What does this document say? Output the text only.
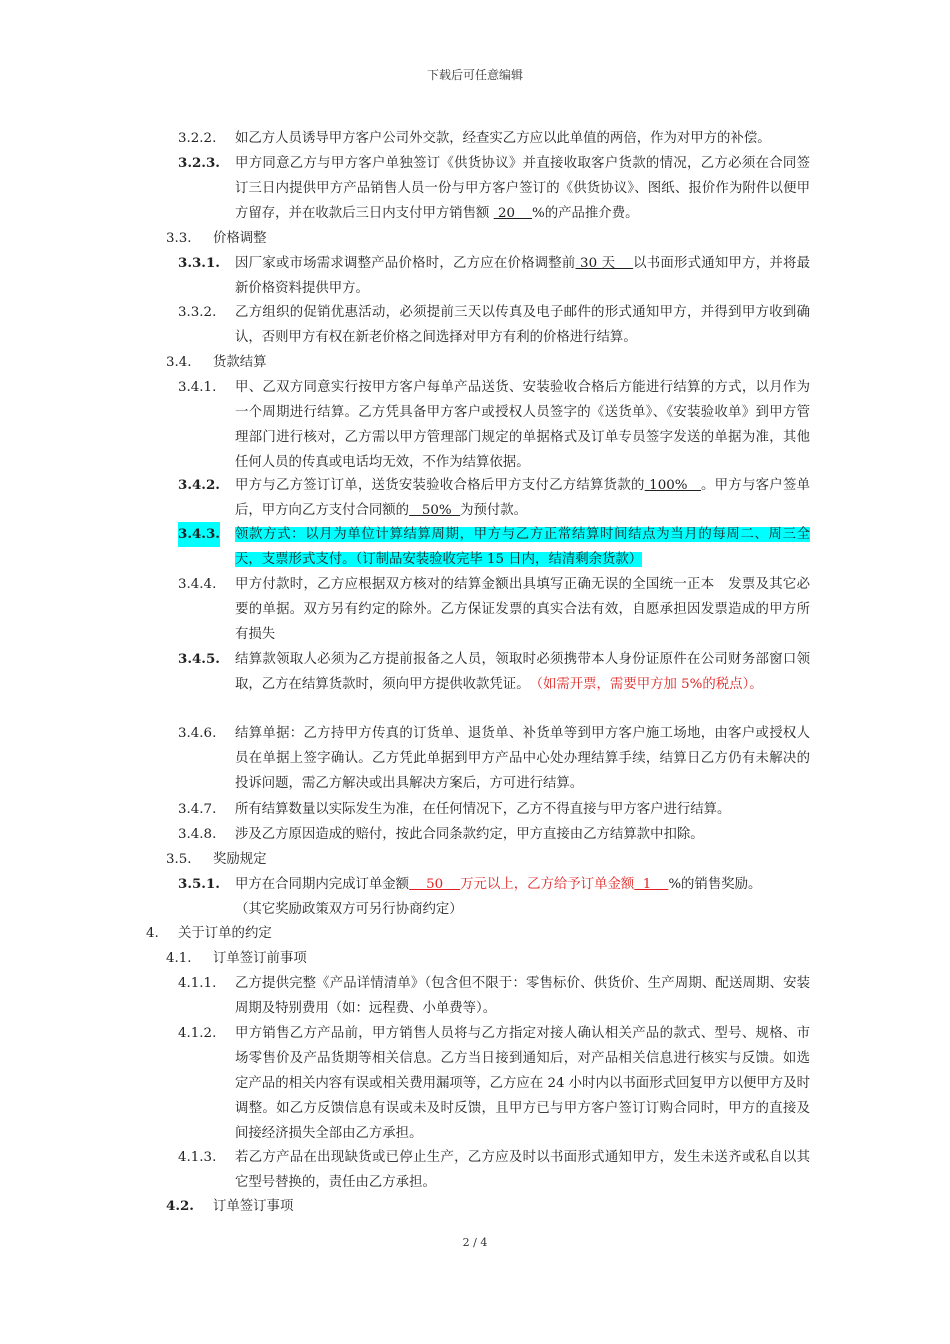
下载后可任意编辑
3.2.2. 如乙方人员诱导甲方客户公司外交款，经查实乙方应以此单值的两倍，作为对甲方的补偿。
3.2.3. 甲方同意乙方与甲方客户单独签订《供货协议》并直接收取客户货款的情况，乙方必须在合同签订三日内提供甲方产品销售人员一份与甲方客户签订的《供货协议》、图纸、报价作为附件以便甲方留存，并在收款后三日内支付甲方销售额  20    %的产品推介费。
3.3. 价格调整
3.3.1. 因厂家或市场需求调整产品价格时，乙方应在价格调整前 30 天    以书面形式通知甲方，并将最新价格资料提供甲方。
3.3.2. 乙方组织的促销优惠活动，必须提前三天以传真及电子邮件的形式通知甲方，并得到甲方收到确认，否则甲方有权在新老价格之间选择对甲方有利的价格进行结算。
3.4. 货款结算
3.4.1. 甲、乙双方同意实行按甲方客户每单产品送货、安装验收合格后方能进行结算的方式，以月作为一个周期进行结算。乙方凭具备甲方客户或授权人员签字的《送货单》、《安装验收单》到甲方管理部门进行核对，乙方需以甲方管理部门规定的单据格式及订单专员签字发送的单据为准，其他任何人员的传真或电话均无效，不作为结算依据。
3.4.2. 甲方与乙方签订订单，送货安装验收合格后甲方支付乙方结算货款的 100%   。甲方与客户签单后，甲方向乙方支付合同额的   50%  为预付款。
3.4.3. 领款方式：以月为单位计算结算周期，甲方与乙方正常结算时间结点为当月的每周二、周三全天，支票形式支付。（订制品安装验收完毕 15 日内，结清剩余货款）
3.4.4. 甲方付款时，乙方应根据双方核对的结算金额出具填写正确无误的全国统一正本　发票及其它必要的单据。双方另有约定的除外。乙方保证发票的真实合法有效，自愿承担因发票造成的甲方所有损失
3.4.5. 结算款领取人必须为乙方提前报备之人员，领取时必须携带本人身份证原件在公司财务部窗口领取，乙方在结算货款时，须向甲方提供收款凭证。　（如需开票，需要甲方加 5%的税点）。
3.4.6. 结算单据：乙方持甲方传真的订货单、退货单、补货单等到甲方客户施工场地，由客户或授权人员在单据上签字确认。乙方凭此单据到甲方产品中心处办理结算手续，结算日乙方仍有未解决的投诉问题，需乙方解决或出具解决方案后，方可进行结算。
3.4.7. 所有结算数量以实际发生为准，在任何情况下，乙方不得直接与甲方客户进行结算。
3.4.8. 涉及乙方原因造成的赔付，按此合同条款约定，甲方直接由乙方结算款中扣除。
3.5. 奖励规定
3.5.1. 甲方在合同期内完成订单金额    50    万元以上，乙方给予订单金额  1    %的销售奖励。
（其它奖励政策双方可另行协商约定）
4. 关于订单的约定
4.1. 订单签订前事项
4.1.1. 乙方提供完整《产品详情清单》（包含但不限于：零售标价、供货价、生产周期、配送周期、安装周期及特别费用（如：远程费、小单费等）。
4.1.2. 甲方销售乙方产品前，甲方销售人员将与乙方指定对接人确认相关产品的款式、型号、规格、市场零售价及产品货期等相关信息。乙方当日接到通知后，对产品相关信息进行核实与反馈。如选定产品的相关内容有误或相关费用漏项等，乙方应在 24 小时内以书面形式回复甲方以便甲方及时调整。如乙方反馈信息有误或未及时反馈，且甲方已与甲方客户签订订购合同时，甲方的直接及间接经济损失全部由乙方承担。
4.1.3. 若乙方产品在出现缺货或已停止生产，乙方应及时以书面形式通知甲方，发生未送齐或私自以其它型号替换的，责任由乙方承担。
4.2. 订单签订事项
2 / 4
